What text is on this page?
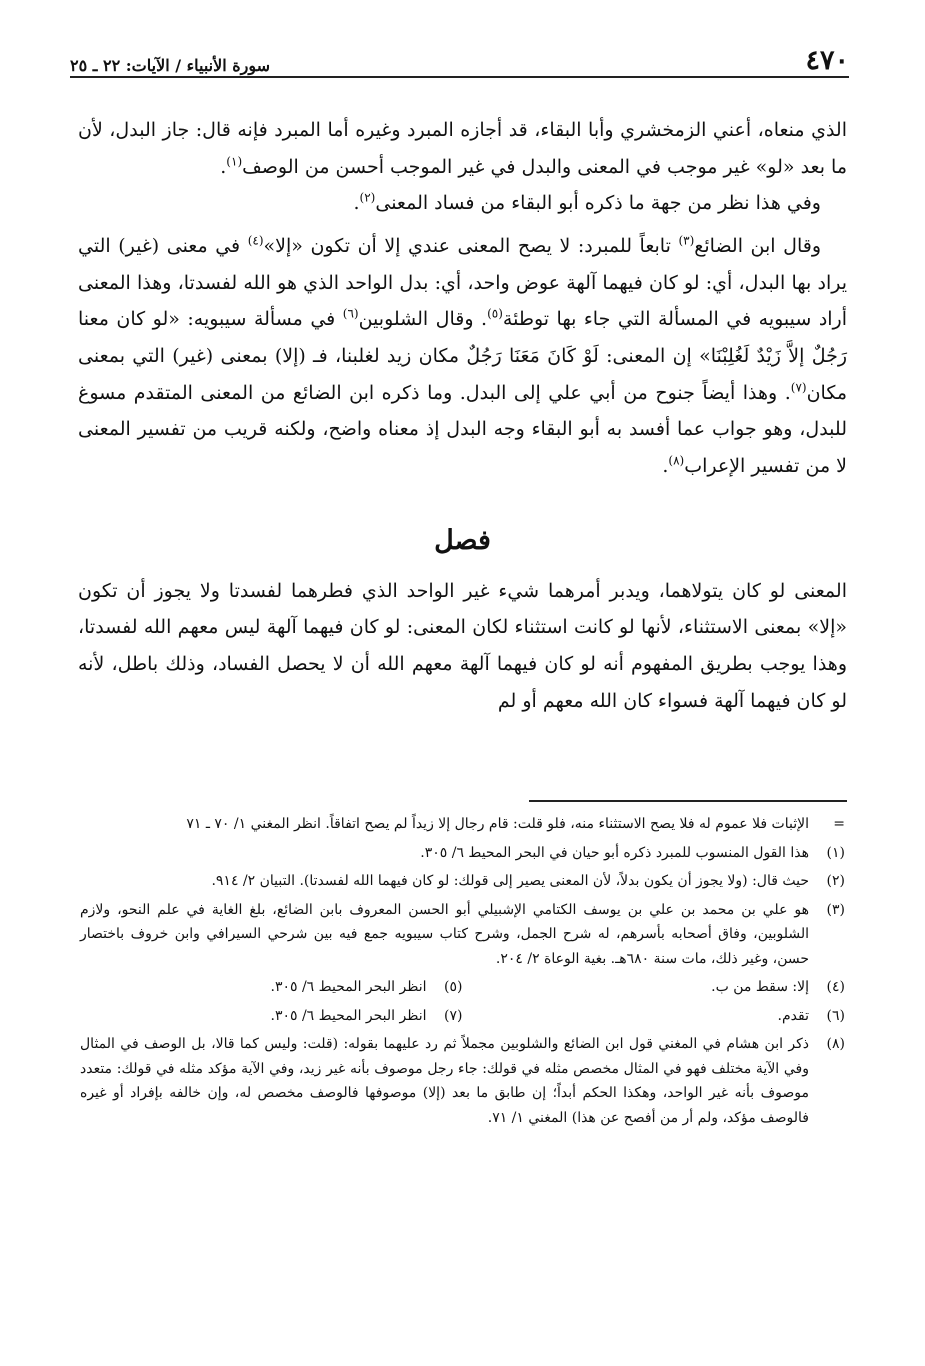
٤٧٠
سورة الأنبياء / الآيات: ٢٢ ـ ٢٥

الذي منعاه، أعني الزمخشري وأبا البقاء، قد أجازه المبرد وغيره أما المبرد فإنه قال: جاز البدل، لأن ما بعد «لو» غير موجب في المعنى والبدل في غير الموجب أحسن من الوصف$^{(١)}$.

وفي هذا نظر من جهة ما ذكره أبو البقاء من فساد المعنى$^{(٢)}$.

وقال ابن الضائع$^{(٣)}$ تابعاً للمبرد: لا يصح المعنى عندي إلا أن تكون «إلا»$^{(٤)}$ في معنى (غير) التي يراد بها البدل، أي: لو كان فيهما آلهة عوض واحد، أي: بدل الواحد الذي هو الله لفسدتا، وهذا المعنى أراد سيبويه في المسألة التي جاء بها توطئة$^{(٥)}$. وقال الشلوبين$^{(٦)}$ في مسألة سيبويه: «لو كان معنا رَجُلٌ إلاَّ زَيْدٌ لَغُلِبْنَا» إن المعنى: لَوْ كَانَ مَعَنَا رَجُلٌ مكان زيد لغلبنا، فـ (إلا) بمعنى (غير) التي بمعنى مكان$^{(٧)}$. وهذا أيضاً جنوح من أبي علي إلى البدل. وما ذكره ابن الضائع من المعنى المتقدم مسوغ للبدل، وهو جواب عما أفسد به أبو البقاء وجه البدل إذ معناه واضح، ولكنه قريب من تفسير المعنى لا من تفسير الإعراب$^{(٨)}$.

فصل

المعنى لو كان يتولاهما، ويدبر أمرهما شيء غير الواحد الذي فطرهما لفسدتا ولا يجوز أن تكون «إلا» بمعنى الاستثناء، لأنها لو كانت استثناء لكان المعنى: لو كان فيهما آلهة ليس معهم الله لفسدتا، وهذا يوجب بطريق المفهوم أنه لو كان فيهما آلهة معهم الله أن لا يحصل الفساد، وذلك باطل، لأنه لو كان فيهما آلهة فسواء كان الله معهم أو لم

=
الإثبات فلا عموم له فلا يصح الاستثناء منه، فلو قلت: قام رجال إلا زيداً لم يصح اتفاقاً. انظر المغني ١/ ٧٠ ـ ٧١
(١)
هذا القول المنسوب للمبرد ذكره أبو حيان في البحر المحيط ٦/ ٣٠٥.
(٢)
حيث قال: (ولا يجوز أن يكون بدلاً، لأن المعنى يصير إلى قولك: لو كان فيهما الله لفسدتا). التبيان ٢/ ٩١٤.
(٣)
هو علي بن محمد بن علي بن يوسف الكتامي الإشبيلي أبو الحسن المعروف بابن الضائع، بلغ الغاية في علم النحو، ولازم الشلوبين، وفاق أصحابه بأسرهم، له شرح الجمل، وشرح كتاب سيبويه جمع فيه بين شرحي السيرافي وابن خروف باختصار حسن، وغير ذلك، مات سنة ٦٨٠هـ. بغية الوعاة ٢/ ٢٠٤.
(٤)
إلا: سقط من ب.
(٥)
انظر البحر المحيط ٦/ ٣٠٥.
(٦)
تقدم.
(٧)
انظر البحر المحيط ٦/ ٣٠٥.
(٨)
ذكر ابن هشام في المغني قول ابن الضائع والشلوبين مجملاً ثم رد عليهما بقوله: (قلت: وليس كما قالا، بل الوصف في المثال وفي الآية مختلف فهو في المثال مخصص مثله في قولك: جاء رجل موصوف بأنه غير زيد، وفي الآية مؤكد مثله في قولك: متعدد موصوف بأنه غير الواحد، وهكذا الحكم أبداً؛ إن طابق ما بعد (إلا) موصوفها فالوصف مخصص له، وإن خالفه بإفراد أو غيره فالوصف مؤكد، ولم أر من أفصح عن هذا) المغني ١/ ٧١.
